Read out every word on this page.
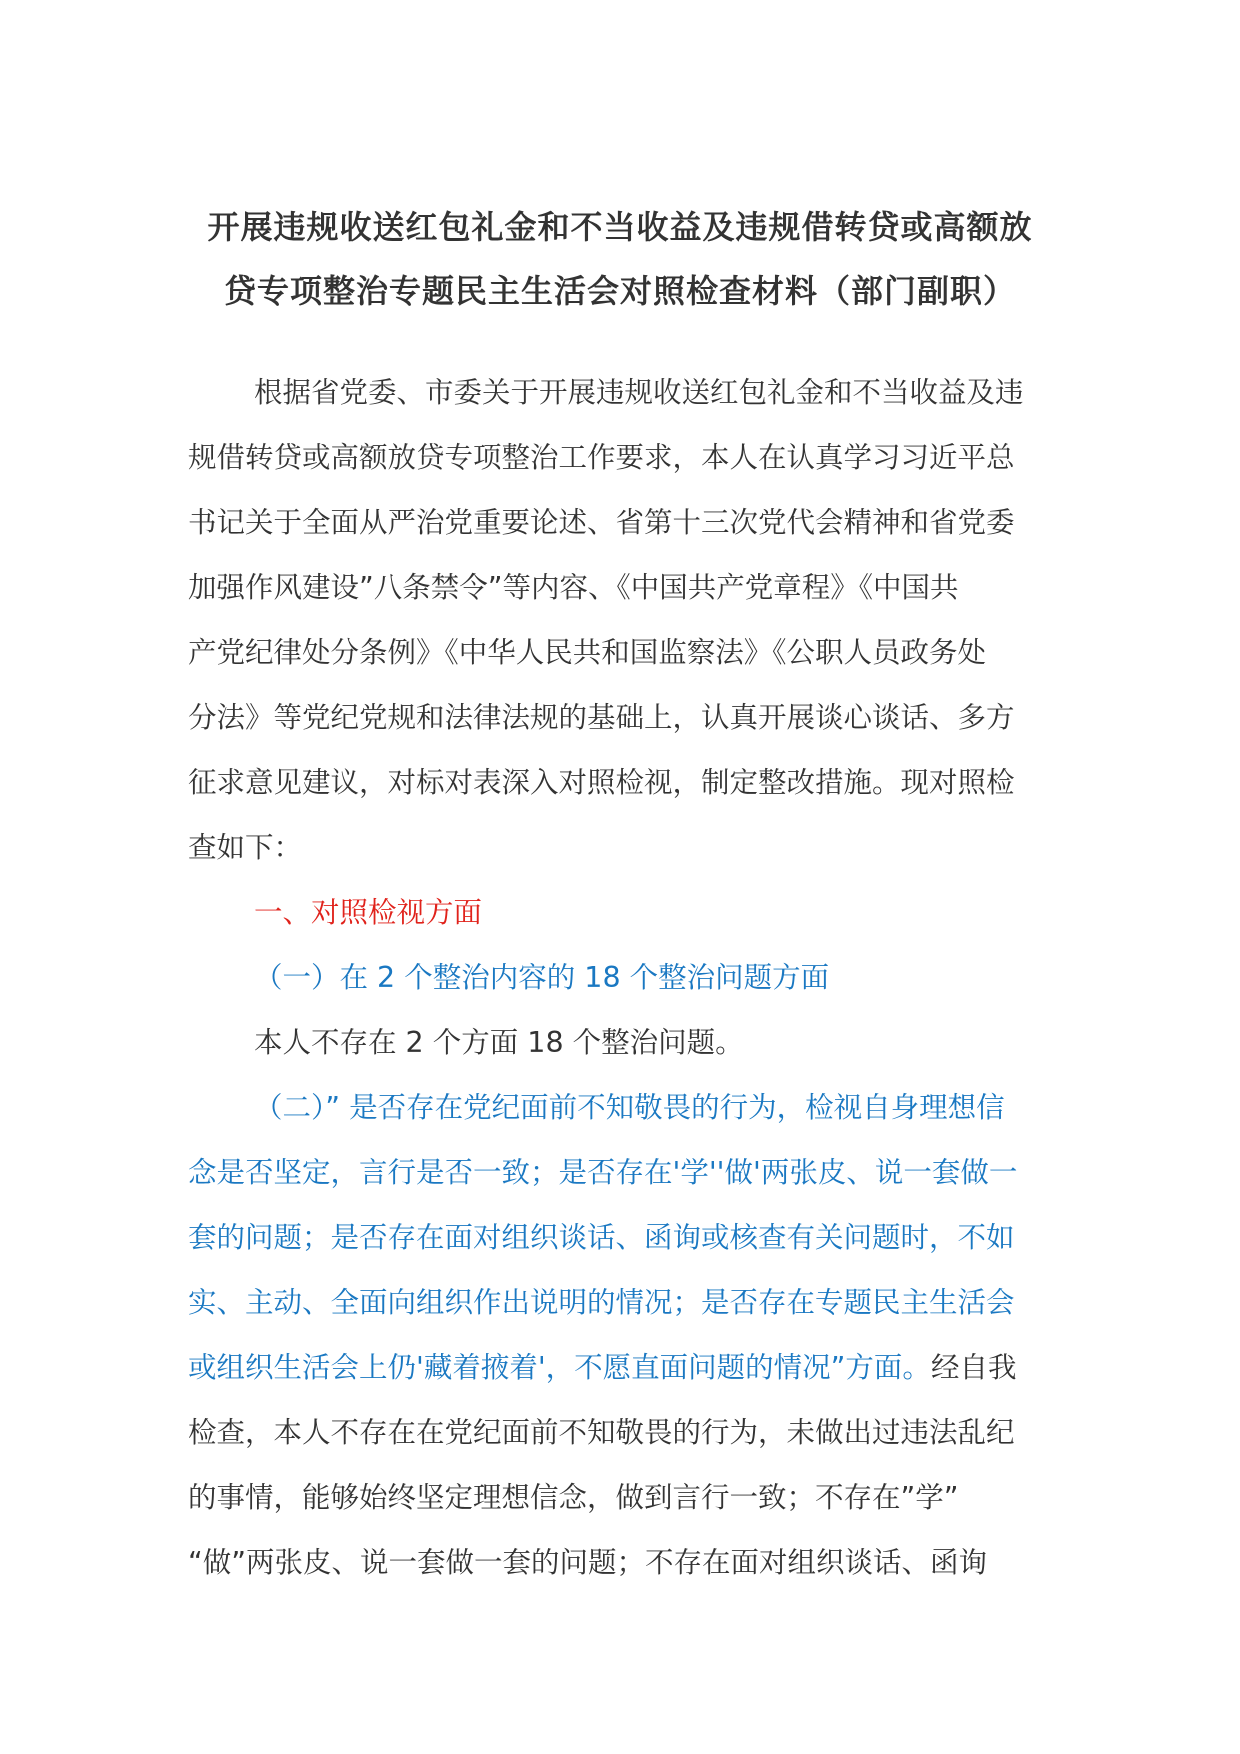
开展违规收送红包礼金和不当收益及违规借转贷或高额放
贷专项整治专题民主生活会对照检查材料（部门副职）
根据省党委、市委关于开展违规收送红包礼金和不当收益及违
规借转贷或高额放贷专项整治工作要求，本人在认真学习习近平总
书记关于全面从严治党重要论述、省第十三次党代会精神和省党委
加强作风建设”八条禁令”等内容、《中国共产党章程》《中国共
产党纪律处分条例》《中华人民共和国监察法》《公职人员政务处
分法》等党纪党规和法律法规的基础上，认真开展谈心谈话、多方
征求意见建议，对标对表深入对照检视，制定整改措施。现对照检
查如下：
一、对照检视方面
（一）在 2 个整治内容的 18 个整治问题方面
本人不存在 2 个方面 18 个整治问题。
（二）” 是否存在党纪面前不知敬畏的行为，检视自身理想信
念是否坚定，言行是否一致；是否存在'学''做'两张皮、说一套做一
套的问题；是否存在面对组织谈话、函询或核查有关问题时，不如
实、主动、全面向组织作出说明的情况；是否存在专题民主生活会
或组织生活会上仍'藏着掖着'，不愿直面问题的情况”方面。经自我
检查，本人不存在在党纪面前不知敬畏的行为，未做出过违法乱纪
的事情，能够始终坚定理想信念，做到言行一致；不存在”学”
“做”两张皮、说一套做一套的问题；不存在面对组织谈话、函询
